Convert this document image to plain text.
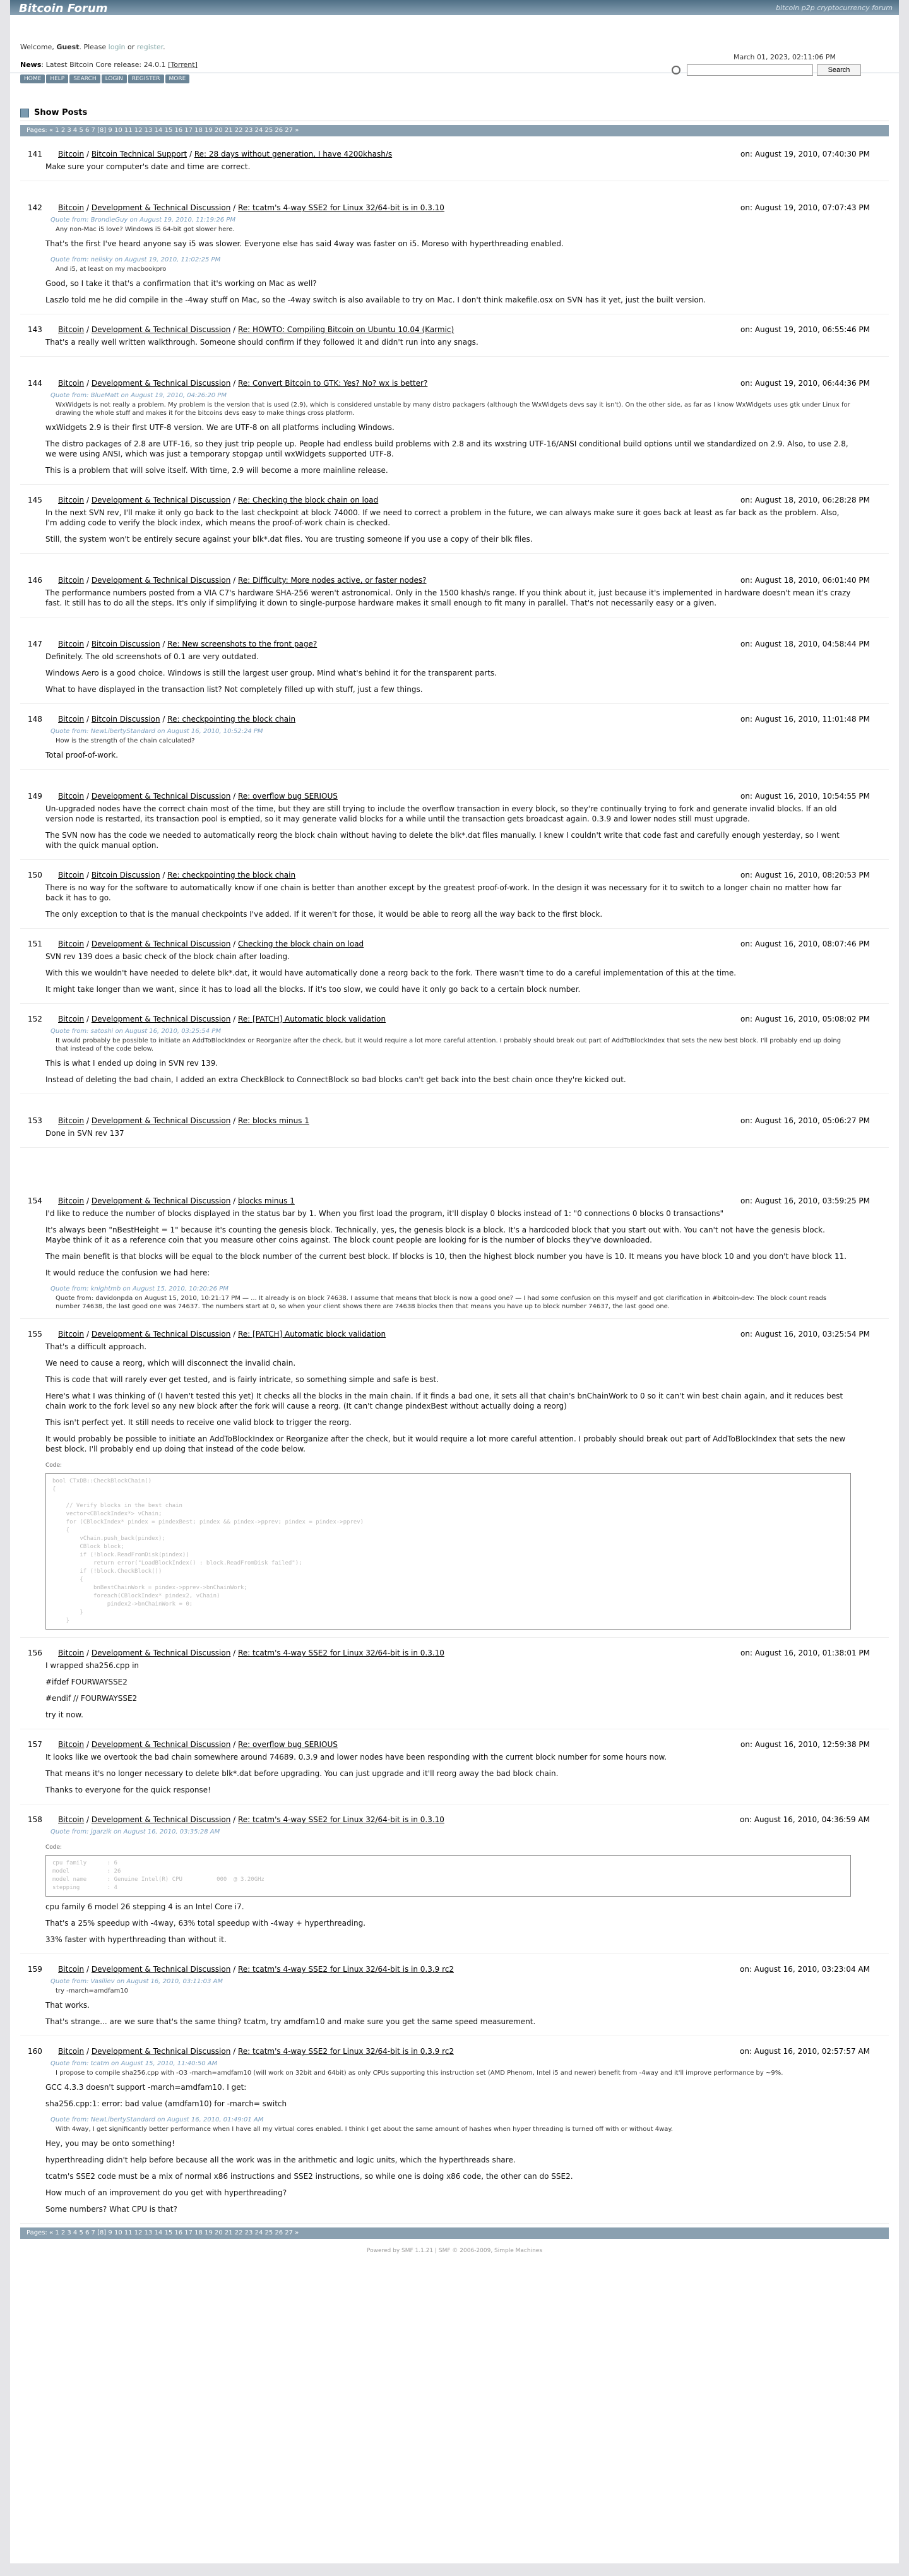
Bitcoin Forum	bitcoin p2p cryptocurrency forum
Welcome, Guest. Please login or register.
News: Latest Bitcoin Core release: 24.0.1 [Torrent]
March 01, 2023, 02:11:06 PM
Search
HOME	HELP	SEARCH	LOGIN	REGISTER	MORE
Show Posts
Pages: « 1 2 3 4 5 6 7 [8] 9 10 11 12 13 14 15 16 17 18 19 20 21 22 23 24 25 26 27 »
141	Bitcoin / Bitcoin Technical Support / Re: 28 days without generation, I have 4200khash/s	on: August 19, 2010, 07:40:30 PM

Make sure your computer's date and time are correct.

142	Bitcoin / Development & Technical Discussion / Re: tcatm's 4-way SSE2 for Linux 32/64-bit is in 0.3.10	on: August 19, 2010, 07:07:43 PM
Quote from: BrondieGuy on August 19, 2010, 11:19:26 PM
Any non-Mac i5 love? Windows i5 64-bit got slower here.

That's the first I've heard anyone say i5 was slower. Everyone else has said 4way was faster on i5. Moreso with hyperthreading enabled.

Quote from: nelisky on August 19, 2010, 11:02:25 PM
And i5, at least on my macbookpro

Good, so I take it that's a confirmation that it's working on Mac as well?

Laszlo told me he did compile in the -4way stuff on Mac, so the -4way switch is also available to try on Mac. I don't think makefile.osx on SVN has it yet, just the built version.

143	Bitcoin / Development & Technical Discussion / Re: HOWTO: Compiling Bitcoin on Ubuntu 10.04 (Karmic)	on: August 19, 2010, 06:55:46 PM

That's a really well written walkthrough. Someone should confirm if they followed it and didn't run into any snags.

144	Bitcoin / Development & Technical Discussion / Re: Convert Bitcoin to GTK: Yes? No? wx is better?	on: August 19, 2010, 06:44:36 PM
Quote from: BlueMatt on August 19, 2010, 04:26:20 PM
WxWidgets is not really a problem. My problem is the version that is used (2.9), which is considered unstable by many distro packagers (although the WxWidgets devs say it isn't). On the other side, as far as I know WxWidgets uses gtk under Linux for drawing the whole stuff and makes it for the bitcoins devs easy to make things cross platform.

wxWidgets 2.9 is their first UTF-8 version. We are UTF-8 on all platforms including Windows.

The distro packages of 2.8 are UTF-16, so they just trip people up. People had endless build problems with 2.8 and its wxstring UTF-16/ANSI conditional build options until we standardized on 2.9. Also, to use 2.8, we were using ANSI, which was just a temporary stopgap until wxWidgets supported UTF-8.

This is a problem that will solve itself. With time, 2.9 will become a more mainline release.

145	Bitcoin / Development & Technical Discussion / Re: Checking the block chain on load	on: August 18, 2010, 06:28:28 PM

In the next SVN rev, I'll make it only go back to the last checkpoint at block 74000. If we need to correct a problem in the future, we can always make sure it goes back at least as far back as the problem. Also, I'm adding code to verify the block index, which means the proof-of-work chain is checked.

Still, the system won't be entirely secure against your blk*.dat files. You are trusting someone if you use a copy of their blk files.

146	Bitcoin / Development & Technical Discussion / Re: Difficulty: More nodes active, or faster nodes?	on: August 18, 2010, 06:01:40 PM

The performance numbers posted from a VIA C7's hardware SHA-256 weren't astronomical. Only in the 1500 khash/s range. If you think about it, just because it's implemented in hardware doesn't mean it's crazy fast. It still has to do all the steps. It's only if simplifying it down to single-purpose hardware makes it small enough to fit many in parallel. That's not necessarily easy or a given.

147	Bitcoin / Bitcoin Discussion / Re: New screenshots to the front page?	on: August 18, 2010, 04:58:44 PM

Definitely. The old screenshots of 0.1 are very outdated.

Windows Aero is a good choice. Windows is still the largest user group. Mind what's behind it for the transparent parts.

What to have displayed in the transaction list? Not completely filled up with stuff, just a few things.

148	Bitcoin / Bitcoin Discussion / Re: checkpointing the block chain	on: August 16, 2010, 11:01:48 PM
Quote from: NewLibertyStandard on August 16, 2010, 10:52:24 PM
How is the strength of the chain calculated?

Total proof-of-work.

149	Bitcoin / Development & Technical Discussion / Re: overflow bug SERIOUS	on: August 16, 2010, 10:54:55 PM

Un-upgraded nodes have the correct chain most of the time, but they are still trying to include the overflow transaction in every block, so they're continually trying to fork and generate invalid blocks. If an old version node is restarted, its transaction pool is emptied, so it may generate valid blocks for a while until the transaction gets broadcast again. 0.3.9 and lower nodes still must upgrade.

The SVN now has the code we needed to automatically reorg the block chain without having to delete the blk*.dat files manually. I knew I couldn't write that code fast and carefully enough yesterday, so I went with the quick manual option.

150	Bitcoin / Bitcoin Discussion / Re: checkpointing the block chain	on: August 16, 2010, 08:20:53 PM

There is no way for the software to automatically know if one chain is better than another except by the greatest proof-of-work. In the design it was necessary for it to switch to a longer chain no matter how far back it has to go.

The only exception to that is the manual checkpoints I've added. If it weren't for those, it would be able to reorg all the way back to the first block.

151	Bitcoin / Development & Technical Discussion / Checking the block chain on load	on: August 16, 2010, 08:07:46 PM

SVN rev 139 does a basic check of the block chain after loading.

With this we wouldn't have needed to delete blk*.dat, it would have automatically done a reorg back to the fork. There wasn't time to do a careful implementation of this at the time.

It might take longer than we want, since it has to load all the blocks. If it's too slow, we could have it only go back to a certain block number.

152	Bitcoin / Development & Technical Discussion / Re: [PATCH] Automatic block validation	on: August 16, 2010, 05:08:02 PM
Quote from: satoshi on August 16, 2010, 03:25:54 PM
It would probably be possible to initiate an AddToBlockIndex or Reorganize after the check, but it would require a lot more careful attention. I probably should break out part of AddToBlockIndex that sets the new best block. I'll probably end up doing that instead of the code below.

This is what I ended up doing in SVN rev 139.

Instead of deleting the bad chain, I added an extra CheckBlock to ConnectBlock so bad blocks can't get back into the best chain once they're kicked out.

153	Bitcoin / Development & Technical Discussion / Re: blocks minus 1	on: August 16, 2010, 05:06:27 PM

Done in SVN rev 137

154	Bitcoin / Development & Technical Discussion / blocks minus 1	on: August 16, 2010, 03:59:25 PM

I'd like to reduce the number of blocks displayed in the status bar by 1. When you first load the program, it'll display 0 blocks instead of 1: "0 connections 0 blocks 0 transactions"

It's always been "nBestHeight = 1" because it's counting the genesis block. Technically, yes, the genesis block is a block. It's a hardcoded block that you start out with. You can't not have the genesis block. Maybe think of it as a reference coin that you measure other coins against. The block count people are looking for is the number of blocks they've downloaded.

The main benefit is that blocks will be equal to the block number of the current best block. If blocks is 10, then the highest block number you have is 10. It means you have block 10 and you don't have block 11.

It would reduce the confusion we had here:

Quote from: knightmb on August 15, 2010, 10:20:26 PM
Quote from: davidonpda on August 15, 2010, 10:21:17 PM — ... It already is on block 74638. I assume that means that block is now a good one? — I had some confusion on this myself and got clarification in #bitcoin-dev: The block count reads number 74638, the last good one was 74637. The numbers start at 0, so when your client shows there are 74638 blocks then that means you have up to block number 74637, the last good one.
155	Bitcoin / Development & Technical Discussion / Re: [PATCH] Automatic block validation	on: August 16, 2010, 03:25:54 PM

That's a difficult approach.

We need to cause a reorg, which will disconnect the invalid chain.

This is code that will rarely ever get tested, and is fairly intricate, so something simple and safe is best.

Here's what I was thinking of (I haven't tested this yet) It checks all the blocks in the main chain. If it finds a bad one, it sets all that chain's bnChainWork to 0 so it can't win best chain again, and it reduces best chain work to the fork level so any new block after the fork will cause a reorg. (It can't change pindexBest without actually doing a reorg)

This isn't perfect yet. It still needs to receive one valid block to trigger the reorg.

It would probably be possible to initiate an AddToBlockIndex or Reorganize after the check, but it would require a lot more careful attention. I probably should break out part of AddToBlockIndex that sets the new best block. I'll probably end up doing that instead of the code below.

Code:
bool CTxDB::CheckBlockChain()
{

// Verify blocks in the best chain
vector<CBlockIndex*> vChain;
for (CBlockIndex* pindex = pindexBest; pindex && pindex->pprev; pindex = pindex->pprev)
{
vChain.push_back(pindex);
CBlock block;
if (!block.ReadFromDisk(pindex))
return error("LoadBlockIndex() : block.ReadFromDisk failed");
if (!block.CheckBlock())
{
bnBestChainWork = pindex->pprev->bnChainWork;
foreach(CBlockIndex* pindex2, vChain)
pindex2->bnChainWork = 0;
}
}
156	Bitcoin / Development & Technical Discussion / Re: tcatm's 4-way SSE2 for Linux 32/64-bit is in 0.3.10	on: August 16, 2010, 01:38:01 PM

I wrapped sha256.cpp in

#ifdef FOURWAYSSE2

#endif // FOURWAYSSE2

try it now.

157	Bitcoin / Development & Technical Discussion / Re: overflow bug SERIOUS	on: August 16, 2010, 12:59:38 PM

It looks like we overtook the bad chain somewhere around 74689. 0.3.9 and lower nodes have been responding with the current block number for some hours now.

That means it's no longer necessary to delete blk*.dat before upgrading. You can just upgrade and it'll reorg away the bad block chain.

Thanks to everyone for the quick response!

158	Bitcoin / Development & Technical Discussion / Re: tcatm's 4-way SSE2 for Linux 32/64-bit is in 0.3.10	on: August 16, 2010, 04:36:59 AM
Quote from: jgarzik on August 16, 2010, 03:35:28 AM
Code:
cpu family      : 6
model           : 26
model name      : Genuine Intel(R) CPU          000  @ 3.20GHz
stepping        : 4

cpu family 6 model 26 stepping 4 is an Intel Core i7.

That's a 25% speedup with -4way, 63% total speedup with -4way + hyperthreading.

33% faster with hyperthreading than without it.

159	Bitcoin / Development & Technical Discussion / Re: tcatm's 4-way SSE2 for Linux 32/64-bit is in 0.3.9 rc2	on: August 16, 2010, 03:23:04 AM
Quote from: Vasiliev on August 16, 2010, 03:11:03 AM
try -march=amdfam10

That works.

That's strange... are we sure that's the same thing? tcatm, try amdfam10 and make sure you get the same speed measurement.

160	Bitcoin / Development & Technical Discussion / Re: tcatm's 4-way SSE2 for Linux 32/64-bit is in 0.3.9 rc2	on: August 16, 2010, 02:57:57 AM
Quote from: tcatm on August 15, 2010, 11:40:50 AM
I propose to compile sha256.cpp with -O3 -march=amdfam10 (will work on 32bit and 64bit) as only CPUs supporting this instruction set (AMD Phenom, Intel i5 and newer) benefit from -4way and it'll improve performance by ~9%.

GCC 4.3.3 doesn't support -march=amdfam10. I get:

sha256.cpp:1: error: bad value (amdfam10) for -march= switch

Quote from: NewLibertyStandard on August 16, 2010, 01:49:01 AM
With 4way, I get significantly better performance when I have all my virtual cores enabled. I think I get about the same amount of hashes when hyper threading is turned off with or without 4way.

Hey, you may be onto something!

hyperthreading didn't help before because all the work was in the arithmetic and logic units, which the hyperthreads share.

tcatm's SSE2 code must be a mix of normal x86 instructions and SSE2 instructions, so while one is doing x86 code, the other can do SSE2.

How much of an improvement do you get with hyperthreading?

Some numbers? What CPU is that?

Pages: « 1 2 3 4 5 6 7 [8] 9 10 11 12 13 14 15 16 17 18 19 20 21 22 23 24 25 26 27 »
Powered by SMF 1.1.21 | SMF © 2006-2009, Simple Machines
